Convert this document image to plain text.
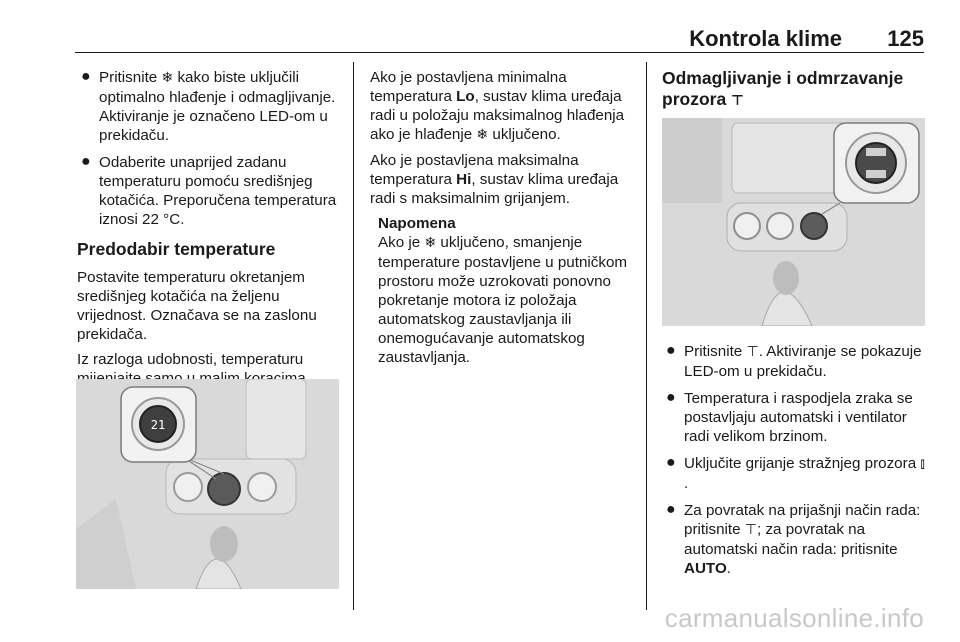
Kontrola klime 125
● Pritisnite ❄ kako biste uključili optimalno hlađenje i odmagljivanje. Aktiviranje je označeno LED-om u prekidaču.
● Odaberite unaprijed zadanu temperaturu pomoću središnjeg kotačića. Preporučena temperatura iznosi 22 °C.
Predodabir temperature

Postavite temperaturu okretanjem središnjeg kotačića na željenu vrijednost. Označava se na zaslonu prekidača.

Iz razloga udobnosti, temperaturu

21

Ako je postavljena minimalna temperatura Lo, sustav klima uređaja radi u položaju maksimalnog hlađenja ako je hlađenje ❄ uključeno.

Ako je postavljena maksimalna temperatura Hi, sustav klima uređaja radi s maksimalnim grijanjem.

Napomena
Ako je ❄ uključeno, smanjenje temperature postavljene u putničkom prostoru može uzrokovati ponovno pokretanje motora iz položaja automatskog zaustavljanja ili onemogućavanje automatskog zaustavljanja.
Odmagljivanje i odmrzavanje prozora ⊤
● Pritisnite ⊤. Aktiviranje se pokazuje LED-om u prekidaču.
● Temperatura i raspodjela zraka se postavljaju automatski i ventilator radi velikom brzinom.
● Uključite grijanje stražnjeg prozora ⫾.
● Za povratak na prijašnji način rada: pritisnite ⊤; za povratak na automatski način rada: pritisnite AUTO.
carmanualsonline.info
